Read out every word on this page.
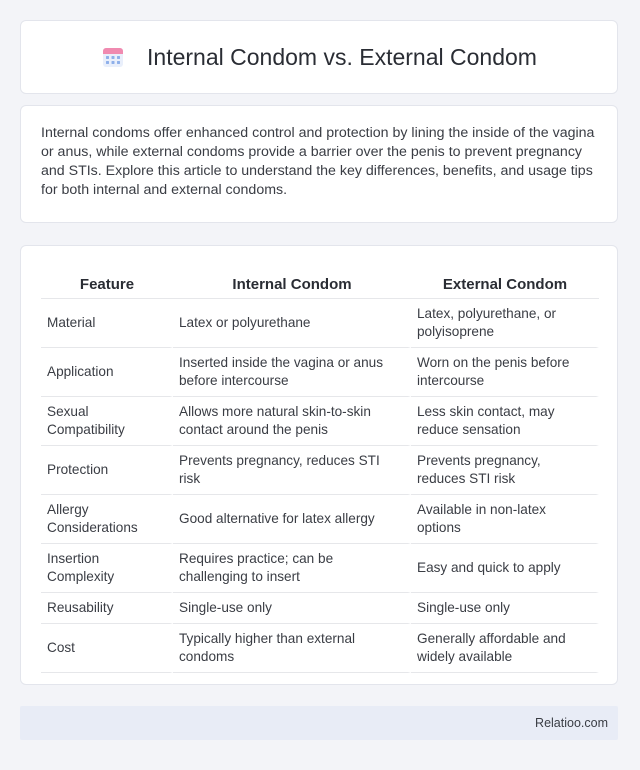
Internal Condom vs. External Condom

Internal condoms offer enhanced control and protection by lining the inside of the vagina or anus, while external condoms provide a barrier over the penis to prevent pregnancy and STIs. Explore this article to understand the key differences, benefits, and usage tips for both internal and external condoms.

Feature	Internal Condom	External Condom
Material	Latex or polyurethane	Latex, polyurethane, or polyisoprene
Application	Inserted inside the vagina or anus before intercourse	Worn on the penis before intercourse
Sexual Compatibility	Allows more natural skin-to-skin contact around the penis	Less skin contact, may reduce sensation
Protection	Prevents pregnancy, reduces STI risk	Prevents pregnancy, reduces STI risk
Allergy Considerations	Good alternative for latex allergy	Available in non-latex options
Insertion Complexity	Requires practice; can be challenging to insert	Easy and quick to apply
Reusability	Single-use only	Single-use only
Cost	Typically higher than external condoms	Generally affordable and widely available
Relatioo.com
